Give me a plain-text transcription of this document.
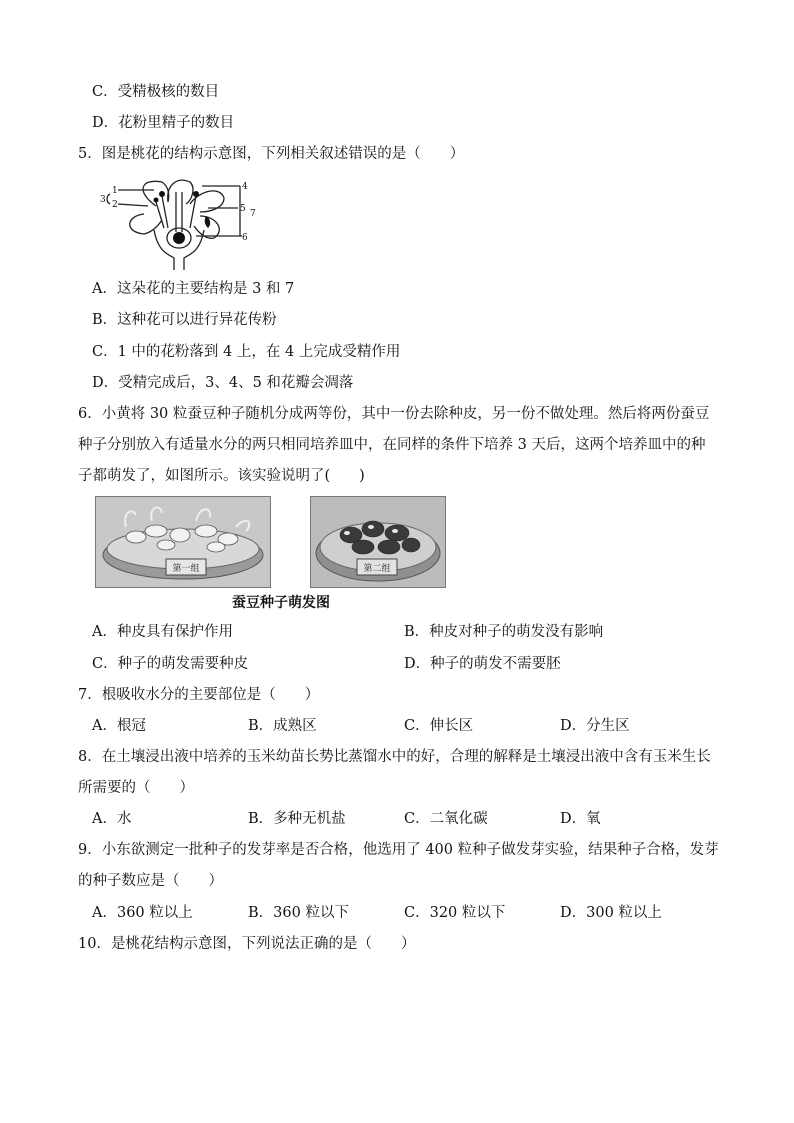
C．受精极核的数目
D．花粉里精子的数目
5．图是桃花的结构示意图，下列相关叙述错误的是（　　）
1
2
3
4
5
6
7
A．这朵花的主要结构是 3 和 7
B．这种花可以进行异花传粉
C．1 中的花粉落到 4 上，在 4 上完成受精作用
D．受精完成后，3、4、5 和花瓣会凋落
6．小黄将 30 粒蚕豆种子随机分成两等份，其中一份去除种皮，另一份不做处理。然后将两份蚕豆
种子分别放入有适量水分的两只相同培养皿中，在同样的条件下培养 3 天后，这两个培养皿中的种
子都萌发了，如图所示。该实验说明了(　　)
第一组	第二组
蚕豆种子萌发图
A．种皮具有保护作用	B．种皮对种子的萌发没有影响
C．种子的萌发需要种皮	D．种子的萌发不需要胚
7．根吸收水分的主要部位是（　　）
A．根冠	B．成熟区	C．伸长区	D．分生区
8．在土壤浸出液中培养的玉米幼苗长势比蒸馏水中的好，合理的解释是土壤浸出液中含有玉米生长
所需要的（　　）
A．水	B．多种无机盐	C．二氧化碳	D．氧
9．小东欲测定一批种子的发芽率是否合格，他选用了 400 粒种子做发芽实验，结果种子合格，发芽
的种子数应是（　　）
A．360 粒以上	B．360 粒以下	C．320 粒以下	D．300 粒以上
10．是桃花结构示意图，下列说法正确的是（　　）
